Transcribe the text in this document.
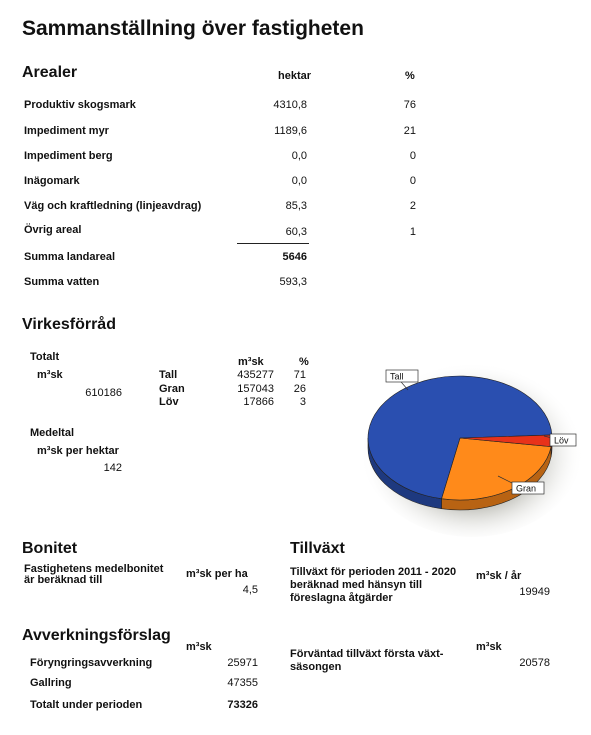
Sammanställning över fastigheten
Arealer	hektar	%
Produktiv skogsmark	4310,8	76
Impediment myr	1189,6	21
Impediment berg	0,0	0
Inägomark	0,0	0
Väg och kraftledning (linjeavdrag)	85,3	2
Övrig areal	60,3	1
Summa landareal	5646
Summa vatten	593,3
Virkesförråd
Totalt
m³sk
610186
m³sk	%
Tall	435277	71
Gran	157043	26
Löv	17866	3
Medeltal
m³sk per hektar
142
Tall
Gran
Löv
Bonitet
Fastighetens medelbonitet
är beräknad till	m³sk per ha
4,5
Tillväxt
Tillväxt för perioden 2011 - 2020
beräknad med hänsyn till
föreslagna åtgärder
m³sk / år
19949
Avverkningsförslag
m³sk
Föryngringsavverkning	25971
Gallring	47355
Totalt under perioden	73326
m³sk
Förväntad tillväxt första växt-
säsongen	20578
